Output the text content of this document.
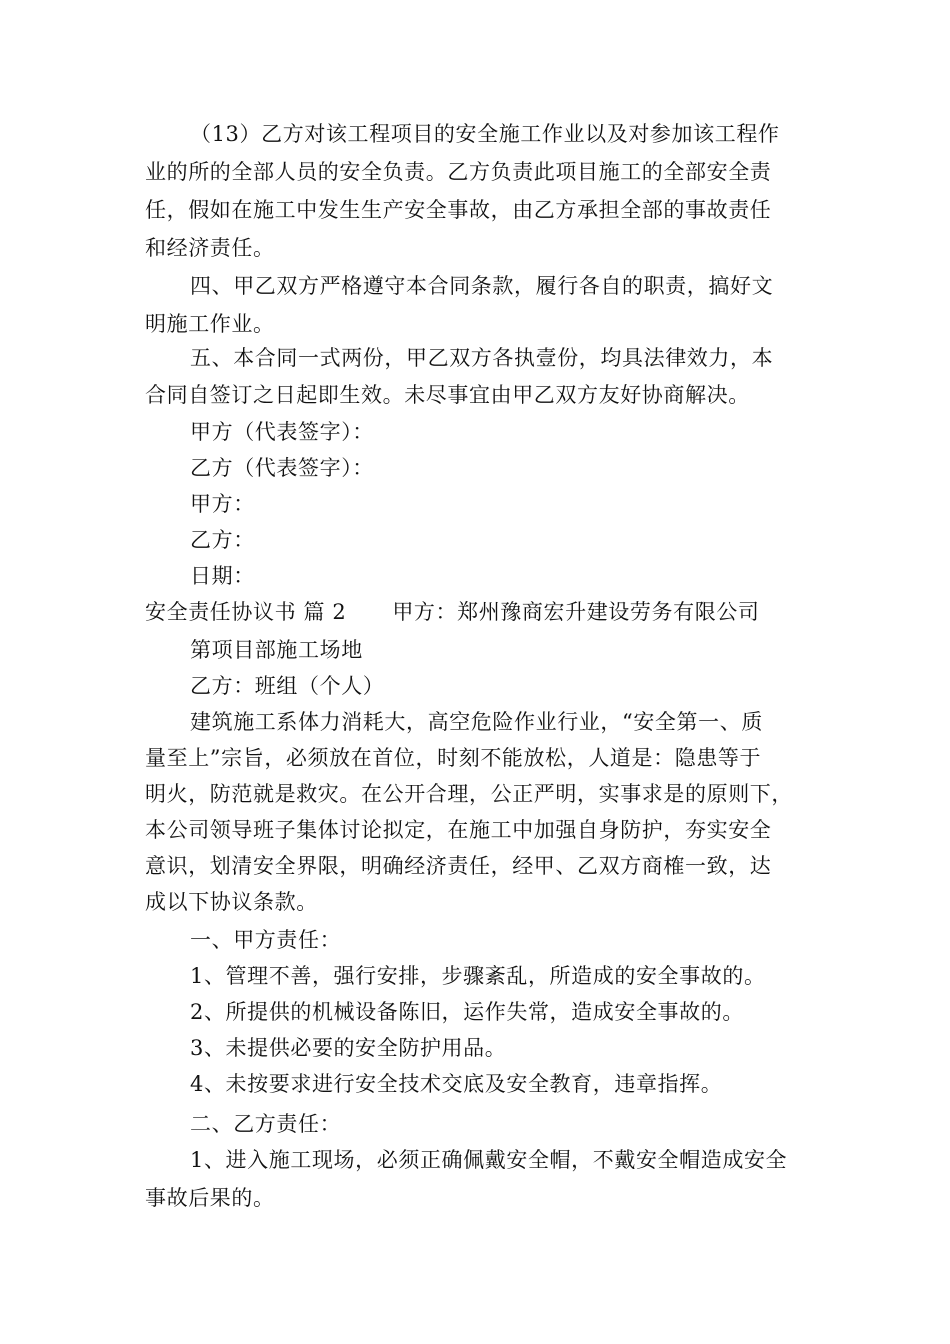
（13）乙方对该工程项目的安全施工作业以及对参加该工程作
业的所的全部人员的安全负责。乙方负责此项目施工的全部安全责
任，假如在施工中发生生产安全事故，由乙方承担全部的事故责任
和经济责任。
四、甲乙双方严格遵守本合同条款，履行各自的职责，搞好文
明施工作业。
五、本合同一式两份，甲乙双方各执壹份，均具法律效力，本
合同自签订之日起即生效。未尽事宜由甲乙双方友好协商解决。
甲方（代表签字）：
乙方（代表签字）：
甲方：
乙方：
日期：
安全责任协议书 篇 2 甲方：郑州豫商宏升建设劳务有限公司
第项目部施工场地
乙方：班组（个人）
建筑施工系体力消耗大，高空危险作业行业，“安全第一、质
量至上”宗旨，必须放在首位，时刻不能放松，人道是：隐患等于
明火，防范就是救灾。在公开合理，公正严明，实事求是的原则下，
本公司领导班子集体讨论拟定，在施工中加强自身防护，夯实安全
意识，划清安全界限，明确经济责任，经甲、乙双方商榷一致，达
成以下协议条款。
一、甲方责任：
1、管理不善，强行安排，步骤紊乱，所造成的安全事故的。
2、所提供的机械设备陈旧，运作失常，造成安全事故的。
3、未提供必要的安全防护用品。
4、未按要求进行安全技术交底及安全教育，违章指挥。
二、乙方责任：
1、进入施工现场，必须正确佩戴安全帽，不戴安全帽造成安全
事故后果的。
